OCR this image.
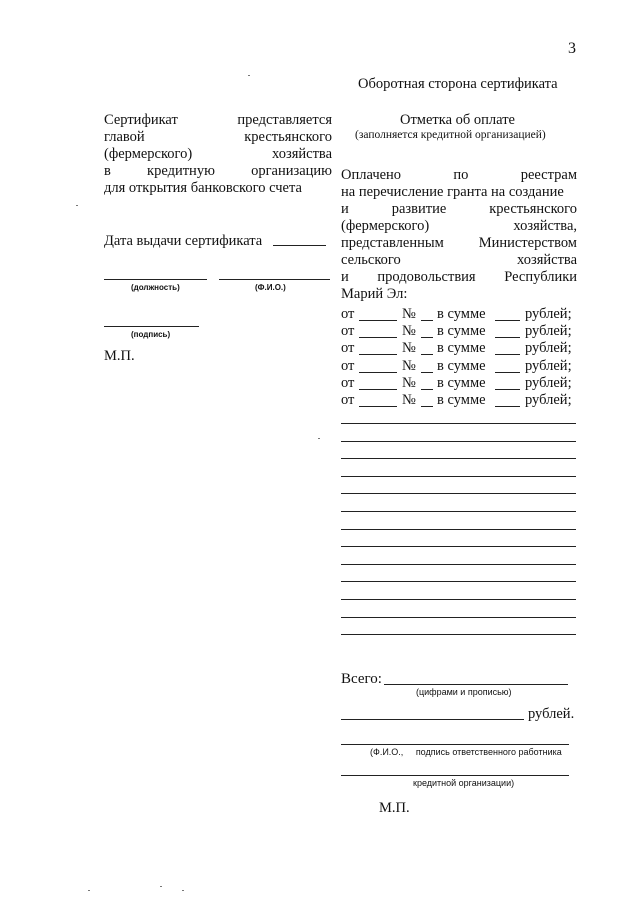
3
Оборотная сторона сертификата
Сертификат	представляется
главой	крестьянского
(фермерского)	хозяйства
в кредитную организацию
для открытия банковского счета
Дата выдачи сертификата
(должность)	(Ф.И.О.)
(подпись)
М.П.
Отметка об оплате
(заполняется кредитной организацией)
Оплачено	по	реестрам
на перечисление гранта на создание
и	развитие	крестьянского
(фермерского)	хозяйства,
представленным Министерством
сельского	хозяйства
и продовольствия Республики
Марий Эл:
от	№ в сумме	рублей;
от	№ в сумме	рублей;
от	№ в сумме	рублей;
от	№ в сумме	рублей;
от	№ в сумме	рублей;
от	№ в сумме	рублей;
Всего:
(цифрами и прописью)
рублей.
(Ф.И.О.,     подпись ответственного работника
кредитной организации)
М.П.
